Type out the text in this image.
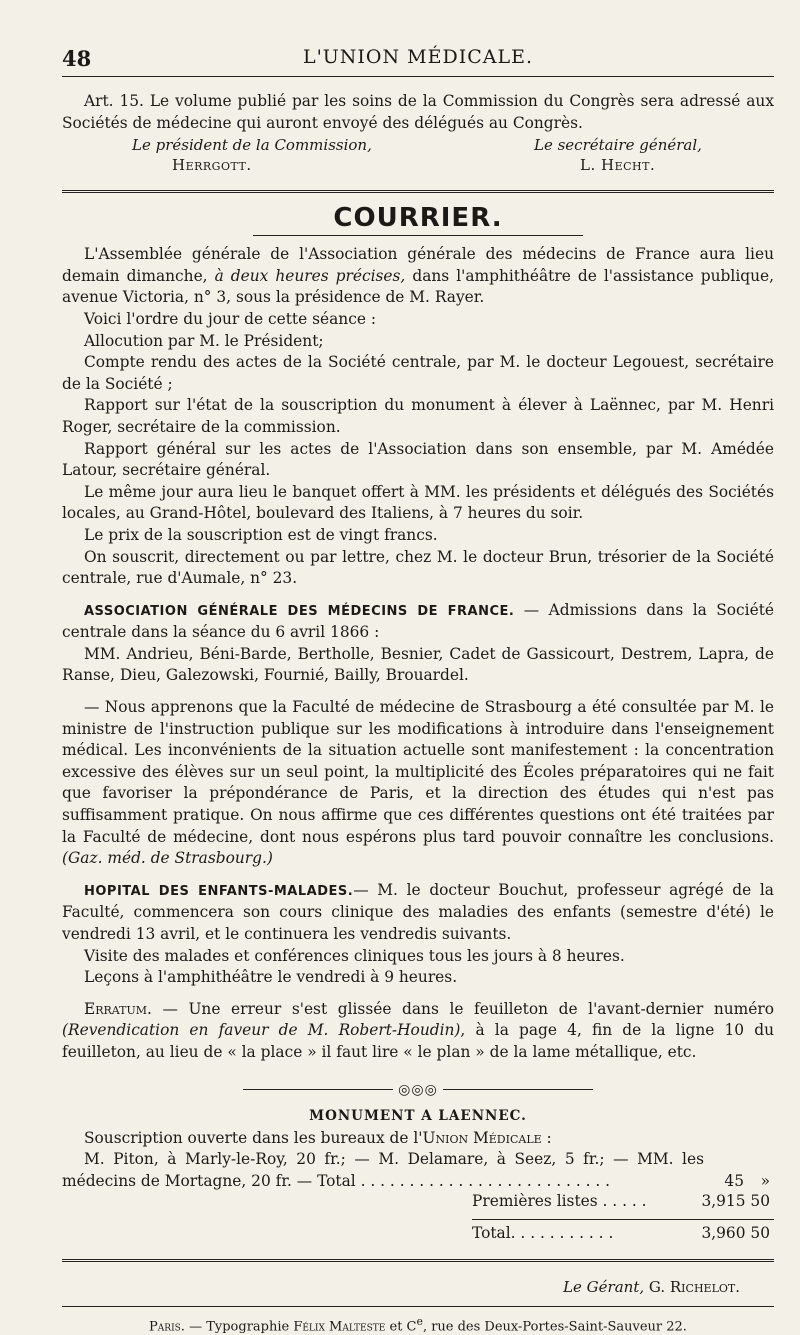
48	L'UNION MÉDICALE.

Art. 15. Le volume publié par les soins de la Commission du Congrès sera adressé aux Sociétés de médecine qui auront envoyé des délégués au Congrès.

Le président de la Commission,
Herrgott.
Le secrétaire général,
L. Hecht.
COURRIER.

L'Assemblée générale de l'Association générale des médecins de France aura lieu demain dimanche, à deux heures précises, dans l'amphithéâtre de l'assistance publique, avenue Victoria, n° 3, sous la présidence de M. Rayer.

Voici l'ordre du jour de cette séance :

Allocution par M. le Président;

Compte rendu des actes de la Société centrale, par M. le docteur Legouest, secrétaire de la Société ;

Rapport sur l'état de la souscription du monument à élever à Laënnec, par M. Henri Roger, secrétaire de la commission.

Rapport général sur les actes de l'Association dans son ensemble, par M. Amédée Latour, secrétaire général.

Le même jour aura lieu le banquet offert à MM. les présidents et délégués des Sociétés locales, au Grand-Hôtel, boulevard des Italiens, à 7 heures du soir.

Le prix de la souscription est de vingt francs.

On souscrit, directement ou par lettre, chez M. le docteur Brun, trésorier de la Société centrale, rue d'Aumale, n° 23.

ASSOCIATION GÉNÉRALE DES MÉDECINS DE FRANCE. — Admissions dans la Société centrale dans la séance du 6 avril 1866 :

MM. Andrieu, Béni-Barde, Bertholle, Besnier, Cadet de Gassicourt, Destrem, Lapra, de Ranse, Dieu, Galezowski, Fournié, Bailly, Brouardel.

— Nous apprenons que la Faculté de médecine de Strasbourg a été consultée par M. le ministre de l'instruction publique sur les modifications à introduire dans l'enseignement médical. Les inconvénients de la situation actuelle sont manifestement : la concentration excessive des élèves sur un seul point, la multiplicité des Écoles préparatoires qui ne fait que favoriser la prépondérance de Paris, et la direction des études qui n'est pas suffisamment pratique. On nous affirme que ces différentes questions ont été traitées par la Faculté de médecine, dont nous espérons plus tard pouvoir connaître les conclusions. (Gaz. méd. de Strasbourg.)

HOPITAL DES ENFANTS-MALADES.— M. le docteur Bouchut, professeur agrégé de la Faculté, commencera son cours clinique des maladies des enfants (semestre d'été) le vendredi 13 avril, et le continuera les vendredis suivants.

Visite des malades et conférences cliniques tous les jours à 8 heures.

Leçons à l'amphithéâtre le vendredi à 9 heures.

Erratum. — Une erreur s'est glissée dans le feuilleton de l'avant-dernier numéro (Revendication en faveur de M. Robert-Houdin), à la page 4, fin de la ligne 10 du feuilleton, au lieu de « la place » il faut lire « le plan » de la lame métallique, etc.

◎◎◎
MONUMENT A LAENNEC.

Souscription ouverte dans les bureaux de l'Union Médicale :

M. Piton, à Marly-le-Roy, 20 fr.; — M. Delamare, à Seez, 5 fr.; — MM. les médecins de Mortagne, 20 fr. — Total . . . . . . . . . . . . . . . . . . . . . . . . . .	45	»

Premières listes . . . . .	3,915 50
Total. . . . . . . . . . .	3,960 50
Le Gérant, G. Richelot.
Paris. — Typographie Félix Malteste et Ce, rue des Deux-Portes-Saint-Sauveur 22.
